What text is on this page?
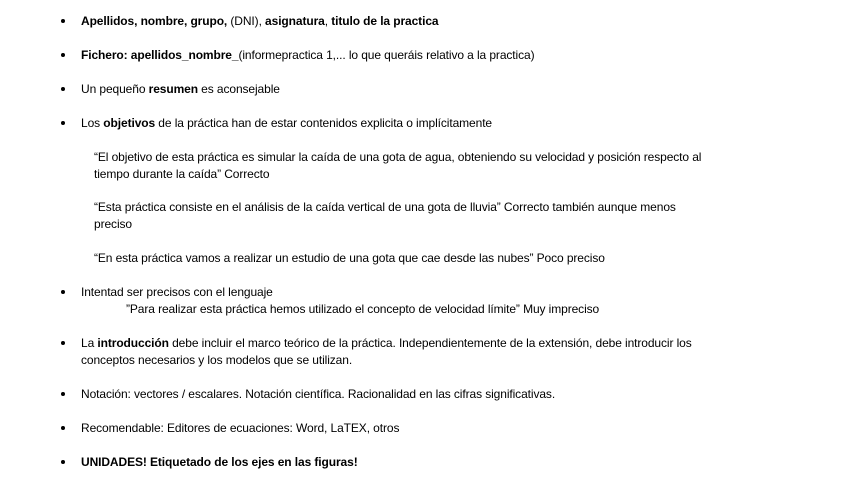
Apellidos, nombre, grupo, (DNI), asignatura, titulo de la practica
Fichero: apellidos_nombre_(informepractica 1,... lo que queráis relativo a la practica)
Un pequeño resumen es aconsejable
Los objetivos de la práctica han de estar contenidos explicita o implícitamente
“El objetivo de esta práctica es simular la caída de una gota de agua, obteniendo su velocidad y posición respecto al tiempo durante la caída” Correcto
“Esta práctica consiste en el análisis de la caída vertical de una gota de lluvia” Correcto también aunque menos preciso
“En esta práctica vamos a realizar un estudio de una gota que cae desde las nubes” Poco preciso
Intentad ser precisos con el lenguaje
”Para realizar esta práctica hemos utilizado el concepto de velocidad límite” Muy impreciso
La introducción debe incluir el marco teórico de la práctica. Independientemente de la extensión, debe introducir los conceptos necesarios y los modelos que se utilizan.
Notación: vectores / escalares. Notación científica. Racionalidad en las cifras significativas.
Recomendable: Editores de ecuaciones: Word, LaTEX, otros
UNIDADES! Etiquetado de los ejes en las figuras!
